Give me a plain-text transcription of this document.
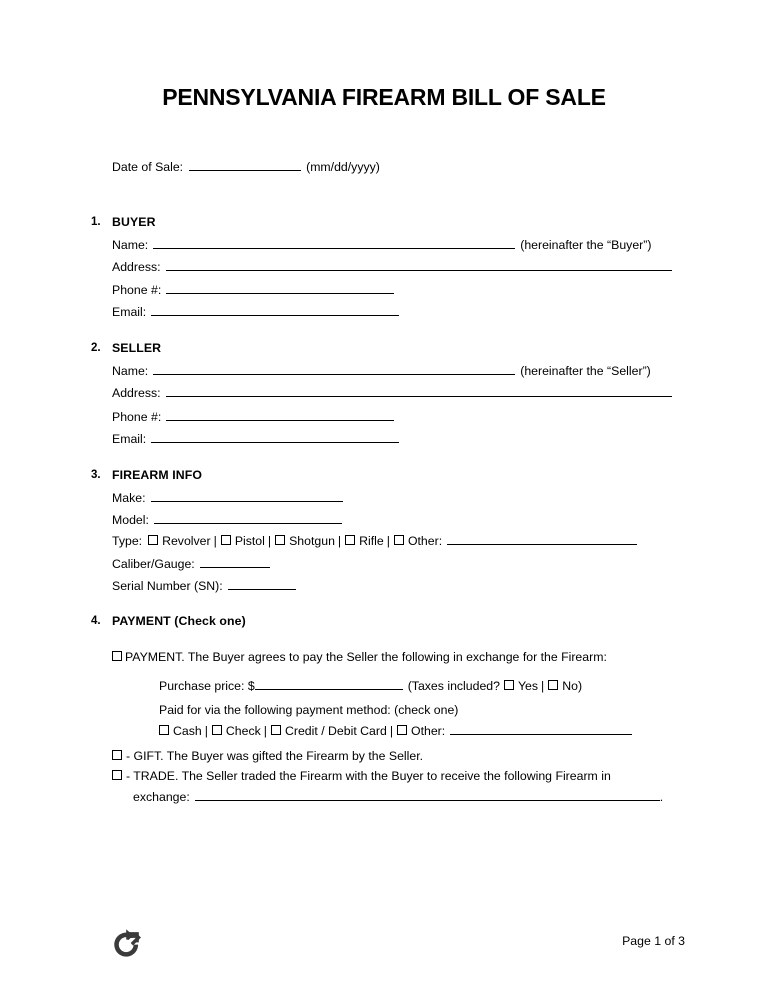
PENNSYLVANIA FIREARM BILL OF SALE
Date of Sale:	(mm/dd/yyyy)
1. BUYER
Name:	(hereinafter the “Buyer”)
Address:
Phone #:
Email:
2. SELLER
Name:	(hereinafter the “Seller”)
Address:
Phone #:
Email:
3. FIREARM INFO
Make:
Model:
Type: Revolver | Pistol | Shotgun | Rifle | Other:
Caliber/Gauge:
Serial Number (SN):
4. PAYMENT (Check one)
PAYMENT. The Buyer agrees to pay the Seller the following in exchange for the Firearm:
Purchase price: $	(Taxes included? Yes | No)
Paid for via the following payment method: (check one)
Cash | Check | Credit / Debit Card | Other:
- GIFT. The Buyer was gifted the Firearm by the Seller.
- TRADE. The Seller traded the Firearm with the Buyer to receive the following Firearm in
exchange:	.
Page 1 of 3
